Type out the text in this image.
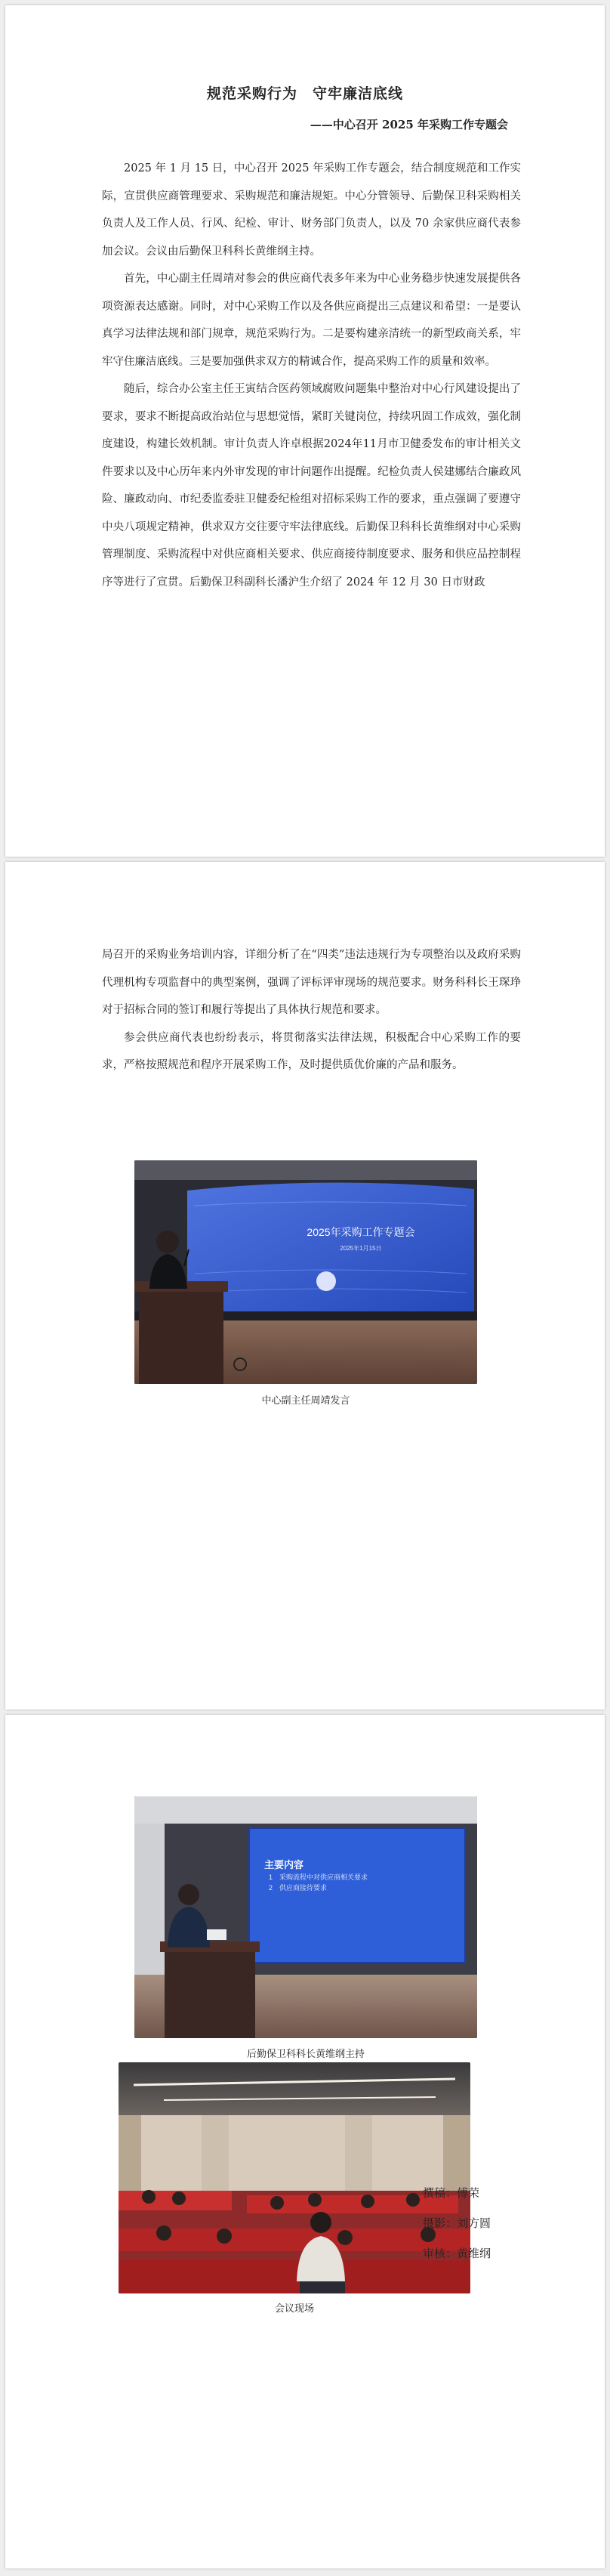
规范采购行为　守牢廉洁底线
——中心召开 2025 年采购工作专题会

2025 年 1 月 15 日，中心召开 2025 年采购工作专题会，结合制度规范和工作实际，宣贯供应商管理要求、采购规范和廉洁规矩。中心分管领导、后勤保卫科采购相关负责人及工作人员、行风、纪检、审计、财务部门负责人，以及 70 余家供应商代表参加会议。会议由后勤保卫科科长黄维纲主持。

首先，中心副主任周靖对参会的供应商代表多年来为中心业务稳步快速发展提供各项资源表达感谢。同时，对中心采购工作以及各供应商提出三点建议和希望：一是要认真学习法律法规和部门规章，规范采购行为。二是要构建亲清统一的新型政商关系，牢牢守住廉洁底线。三是要加强供求双方的精诚合作，提高采购工作的质量和效率。

随后，综合办公室主任王寅结合医药领域腐败问题集中整治对中心行风建设提出了要求，要求不断提高政治站位与思想觉悟，紧盯关键岗位，持续巩固工作成效，强化制度建设，构建长效机制。审计负责人许卓根据2024年11月市卫健委发布的审计相关文件要求以及中心历年来内外审发现的审计问题作出提醒。纪检负责人侯建娜结合廉政风险、廉政动向、市纪委监委驻卫健委纪检组对招标采购工作的要求，重点强调了要遵守中央八项规定精神，供求双方交往要守牢法律底线。后勤保卫科科长黄维纲对中心采购管理制度、采购流程中对供应商相关要求、供应商接待制度要求、服务和供应品控制程序等进行了宣贯。后勤保卫科副科长潘沪生介绍了 2024 年 12 月 30 日市财政

局召开的采购业务培训内容，详细分析了在“四类”违法违规行为专项整治以及政府采购代理机构专项监督中的典型案例，强调了评标评审现场的规范要求。财务科科长王琛琤对于招标合同的签订和履行等提出了具体执行规范和要求。

参会供应商代表也纷纷表示，将贯彻落实法律法规，积极配合中心采购工作的要求，严格按照规范和程序开展采购工作，及时提供质优价廉的产品和服务。

2025年采购工作专题会
2025年1月15日
中心副主任周靖发言
主要内容
1　采购流程中对供应商相关要求
2　供应商接待要求
后勤保卫科科长黄维纲主持
会议现场
撰稿：傅荣
摄影：刘方圆
审核：黄维纲
